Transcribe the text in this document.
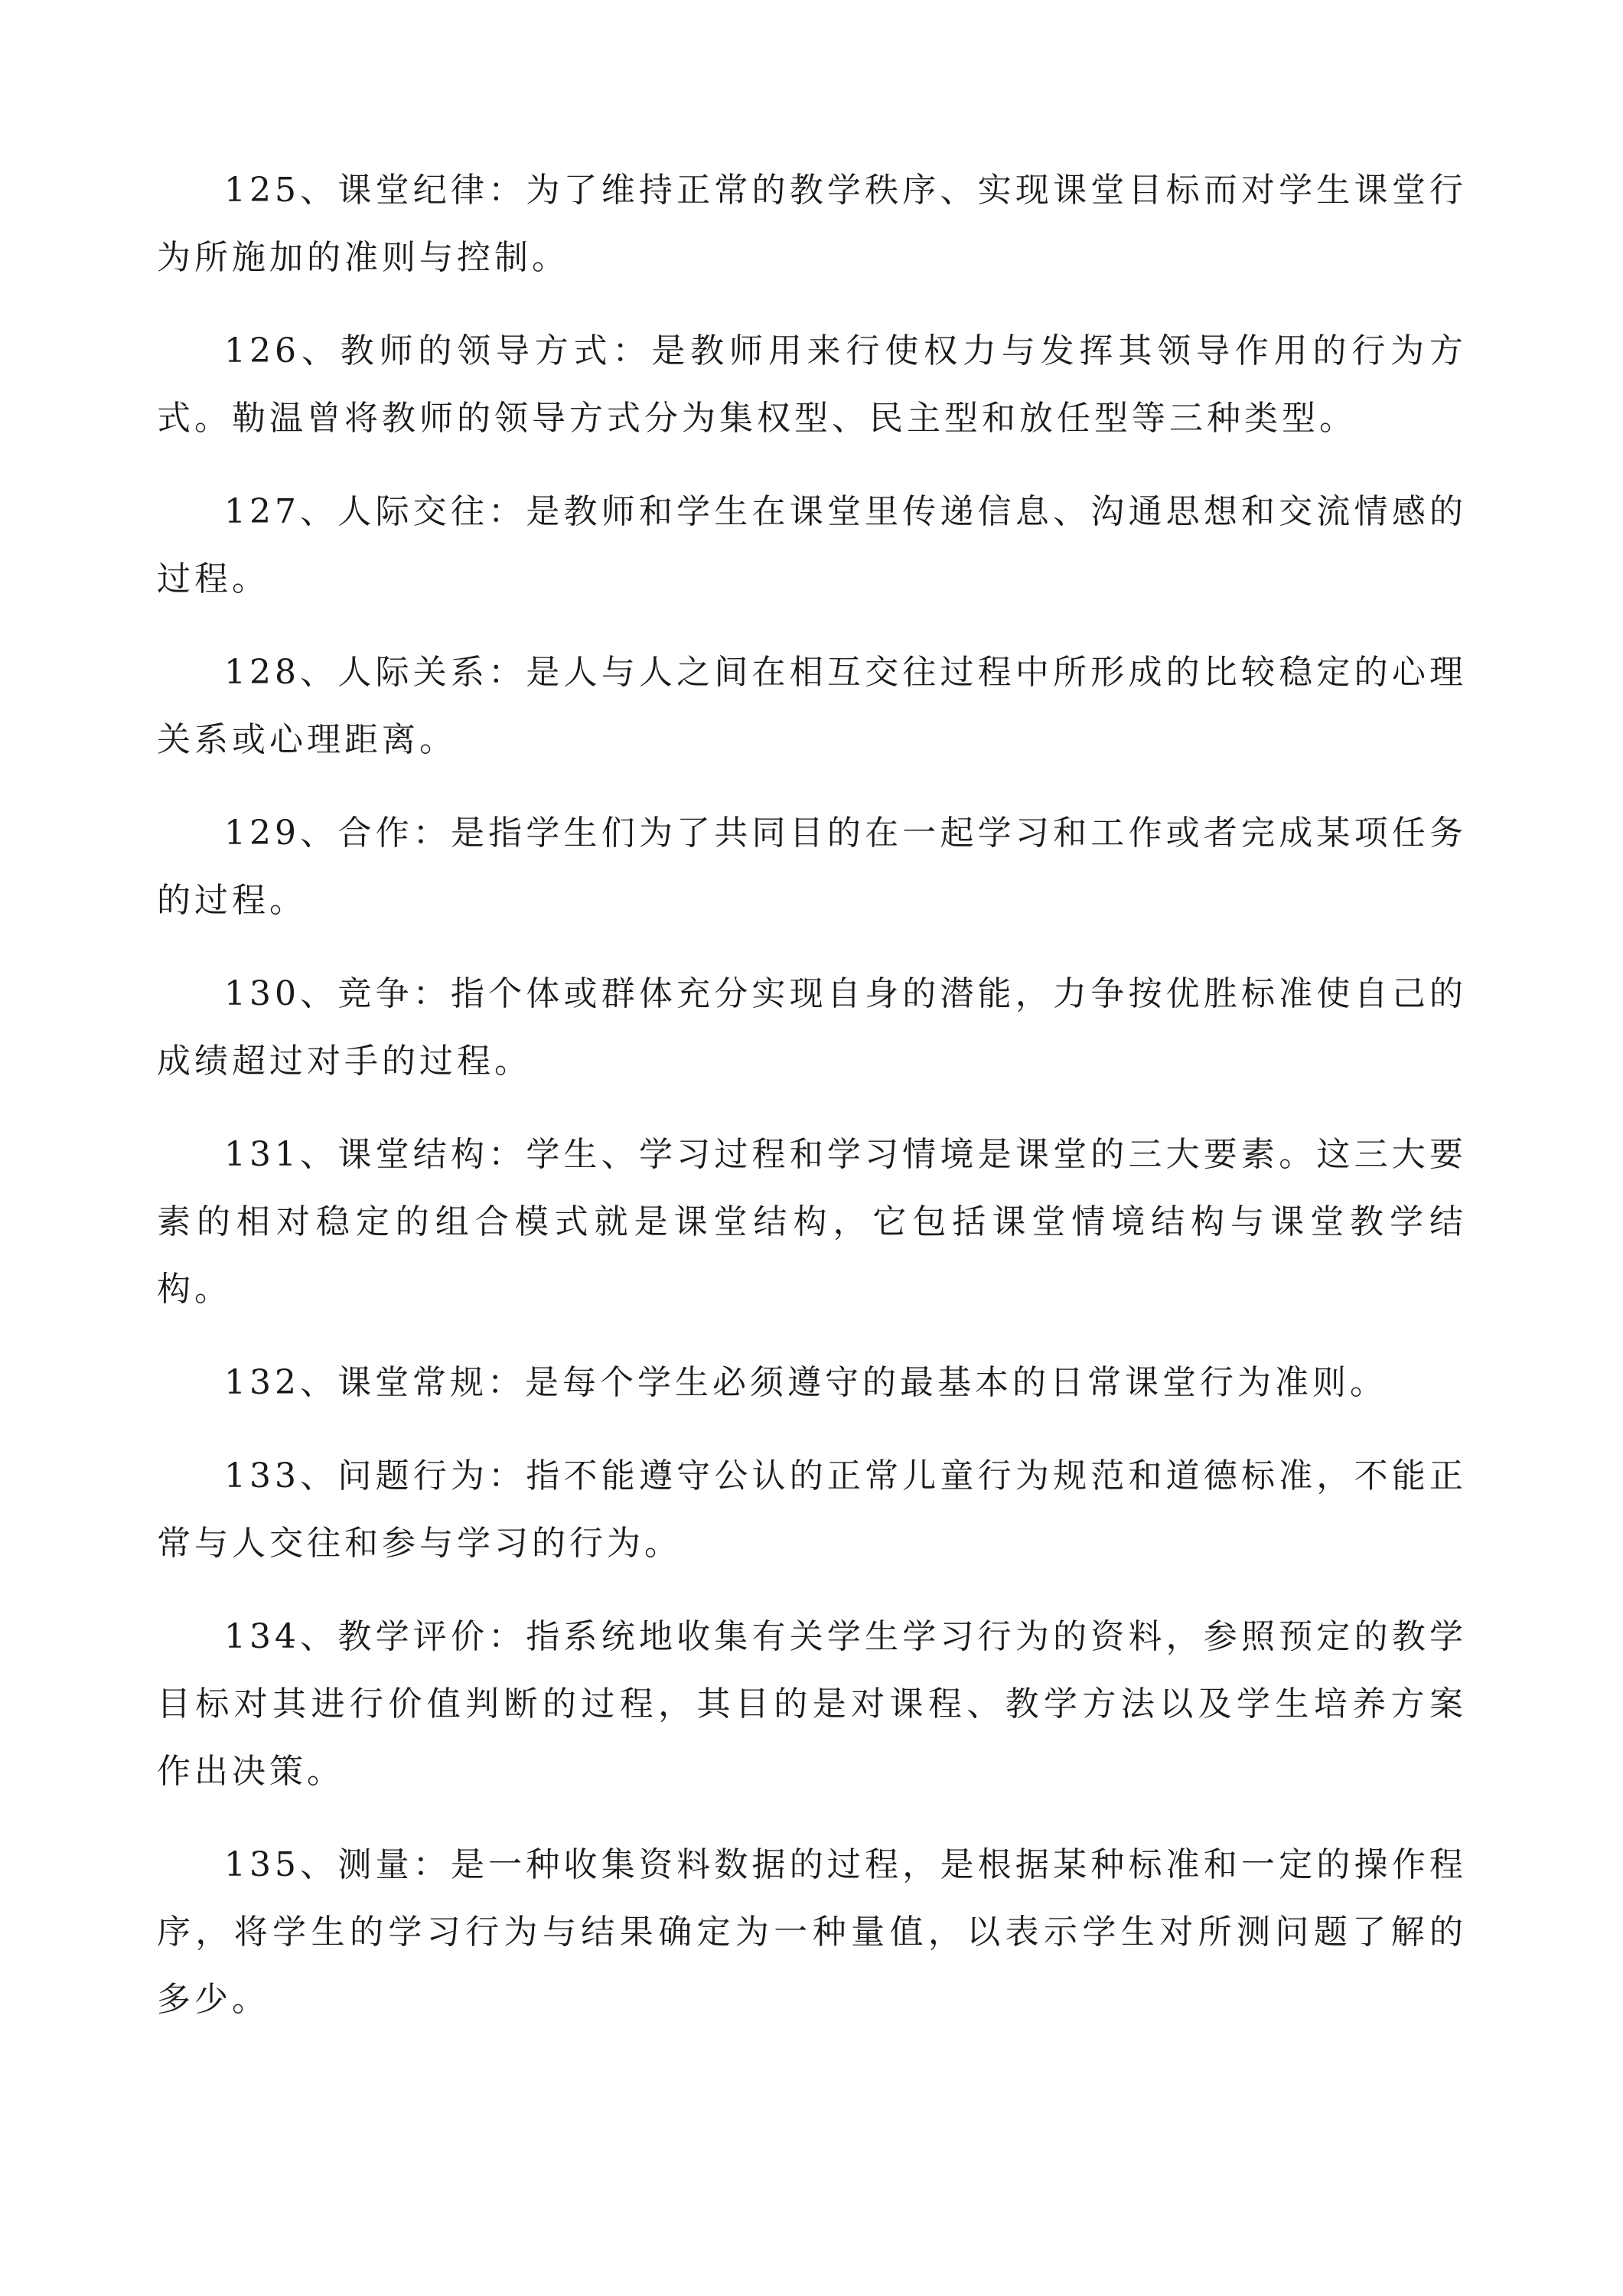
125、课堂纪律：为了维持正常的教学秩序、实现课堂目标而对学生课堂行为所施加的准则与控制。

126、教师的领导方式：是教师用来行使权力与发挥其领导作用的行为方式。勒温曾将教师的领导方式分为集权型、民主型和放任型等三种类型。

127、人际交往：是教师和学生在课堂里传递信息、沟通思想和交流情感的过程。

128、人际关系：是人与人之间在相互交往过程中所形成的比较稳定的心理关系或心理距离。

129、合作：是指学生们为了共同目的在一起学习和工作或者完成某项任务的过程。

130、竞争：指个体或群体充分实现自身的潜能，力争按优胜标准使自己的成绩超过对手的过程。

131、课堂结构：学生、学习过程和学习情境是课堂的三大要素。这三大要素的相对稳定的组合模式就是课堂结构，它包括课堂情境结构与课堂教学结构。

132、课堂常规：是每个学生必须遵守的最基本的日常课堂行为准则。

133、问题行为：指不能遵守公认的正常儿童行为规范和道德标准，不能正常与人交往和参与学习的行为。

134、教学评价：指系统地收集有关学生学习行为的资料，参照预定的教学目标对其进行价值判断的过程，其目的是对课程、教学方法以及学生培养方案作出决策。

135、测量：是一种收集资料数据的过程，是根据某种标准和一定的操作程序，将学生的学习行为与结果确定为一种量值，以表示学生对所测问题了解的多少。
